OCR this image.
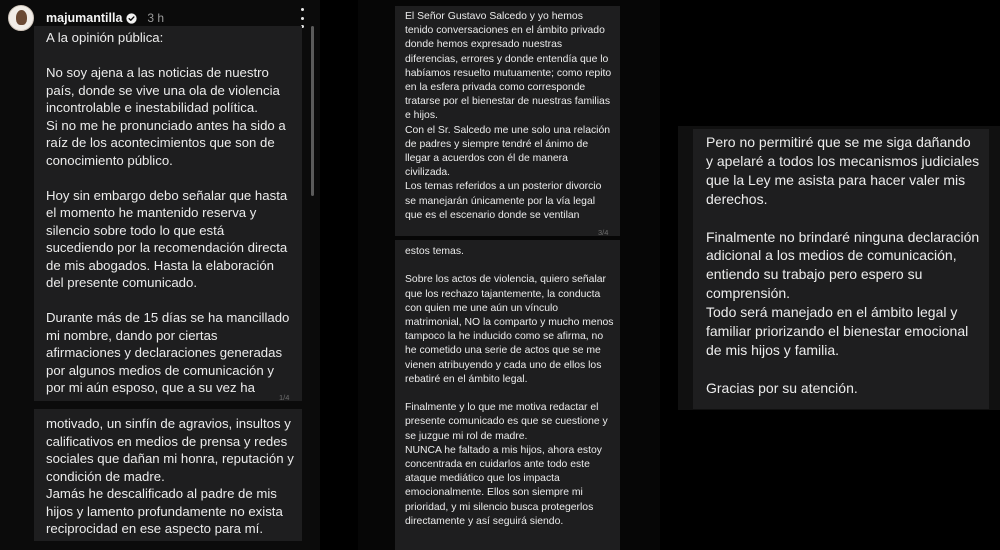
majumantilla 3 h
A la opinión pública:

No soy ajena a las noticias de nuestro país, donde se vive una ola de violencia incontrolable e inestabilidad política.
Si no me he pronunciado antes ha sido a raíz de los acontecimientos que son de conocimiento público.

Hoy sin embargo debo señalar que hasta el momento he mantenido reserva y silencio sobre todo lo que está sucediendo por la recomendación directa de mis abogados. Hasta la elaboración del presente comunicado.

Durante más de 15 días se ha mancillado mi nombre, dando por ciertas afirmaciones y declaraciones generadas por algunos medios de comunicación y por mi aún esposo, que a su vez ha
1/4
motivado, un sinfín de agravios, insultos y calificativos en medios de prensa y redes sociales que dañan mi honra, reputación y condición de madre.
Jamás he descalificado al padre de mis hijos y lamento profundamente no exista reciprocidad en ese aspecto para mí.
El Señor Gustavo Salcedo y yo hemos tenido conversaciones en el ámbito privado donde hemos expresado nuestras diferencias, errores y donde entendía que lo habíamos resuelto mutuamente; como repito en la esfera privada como corresponde tratarse por el bienestar de nuestras familias e hijos.
Con el Sr. Salcedo me une solo una relación de padres y siempre tendré el ánimo de llegar a acuerdos con él de manera civilizada.
Los temas referidos a un posterior divorcio se manejarán únicamente por la vía legal que es el escenario donde se ventilan
3/4
estos temas.

Sobre los actos de violencia, quiero señalar que los rechazo tajantemente, la conducta con quien me une aún un vínculo matrimonial, NO la comparto y mucho menos tampoco la he inducido como se afirma, no he cometido una serie de actos que se me vienen atribuyendo y cada uno de ellos los rebatiré en el ámbito legal.

Finalmente y lo que me motiva redactar el presente comunicado es que se cuestione y se juzgue mi rol de madre.
NUNCA he faltado a mis hijos, ahora estoy concentrada en cuidarlos ante todo este ataque mediático que los impacta emocionalmente. Ellos son siempre mi prioridad, y mi silencio busca protegerlos directamente y así seguirá siendo.
Pero no permitiré que se me siga dañando y apelaré a todos los mecanismos judiciales que la Ley me asista para hacer valer mis derechos.

Finalmente no brindaré ninguna declaración adicional a los medios de comunicación, entiendo su trabajo pero espero su comprensión.
Todo será manejado en el ámbito legal y familiar priorizando el bienestar emocional de mis hijos y familia.

Gracias por su atención.
